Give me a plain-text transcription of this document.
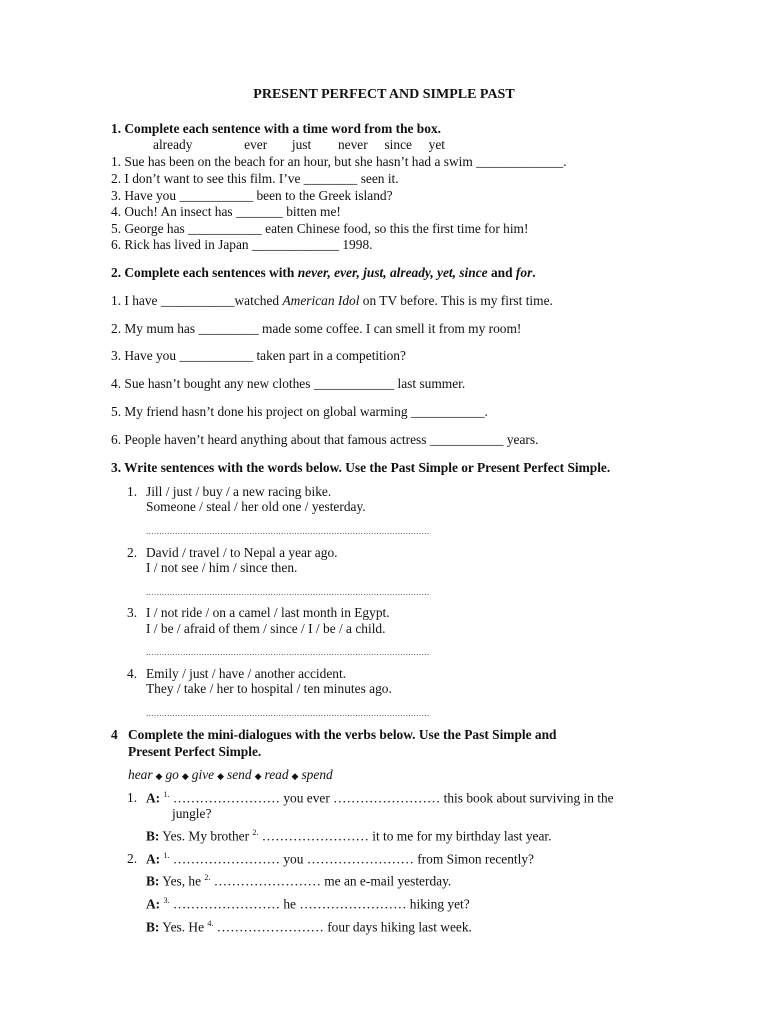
PRESENT PERFECT AND SIMPLE PAST
1. Complete each sentence with a time word from the box.
already	ever just never since yet
1. Sue has been on the beach for an hour, but she hasn’t had a swim _____________.
2. I don’t want to see this film. I’ve ________ seen it.
3. Have you ___________ been to the Greek island?
4. Ouch! An insect has _______ bitten me!
5. George has ___________ eaten Chinese food, so this the first time for him!
6. Rick has lived in Japan _____________ 1998.
2. Complete each sentences with never, ever, just, already, yet, since and for.
1. I have ___________watched American Idol on TV before. This is my first time.
2. My mum has _________ made some coffee. I can smell it from my room!
3. Have you ___________ taken part in a competition?
4. Sue hasn’t bought any new clothes ____________ last summer.
5. My friend hasn’t done his project on global warming ___________.
6. People haven’t heard anything about that famous actress ___________ years.
3. Write sentences with the words below. Use the Past Simple or Present Perfect Simple.
1. Jill / just / buy / a new racing bike.
Someone / steal / her old one / yesterday.
...........................................................................................................
2. David / travel / to Nepal a year ago.
I / not see / him / since then.
...........................................................................................................
3. I / not ride / on a camel / last month in Egypt.
I / be / afraid of them / since / I / be / a child.
...........................................................................................................
4. Emily / just / have / another accident.
They / take / her to hospital / ten minutes ago.
...........................................................................................................
4 Complete the mini-dialogues with the verbs below. Use the Past Simple and
Present Perfect Simple.
hear ◆ go ◆ give ◆ send ◆ read ◆ spend
1. A: $^{1.}$ …………………… you ever …………………… this book about surviving in the
jungle?
B: Yes. My brother $^{2.}$ …………………… it to me for my birthday last year.
2. A: $^{1.}$ …………………… you …………………… from Simon recently?
B: Yes, he $^{2.}$ …………………… me an e-mail yesterday.
A: $^{3.}$ …………………… he …………………… hiking yet?
B: Yes. He $^{4.}$ …………………… four days hiking last week.
